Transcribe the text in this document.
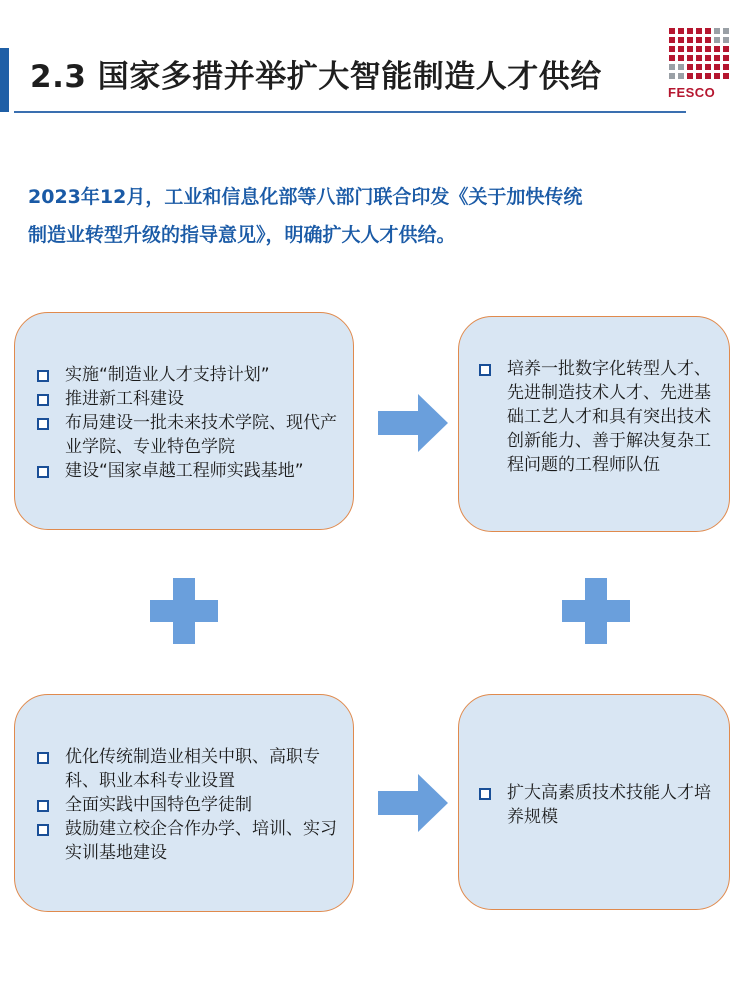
2.3 国家多措并举扩大智能制造人才供给	FESCO
2023年12月，工业和信息化部等八部门联合印发《关于加快传统
制造业转型升级的指导意见》，明确扩大人才供给。
实施“制造业人才支持计划”
推进新工科建设
布局建设一批未来技术学院、现代产业学院、专业特色学院
建设“国家卓越工程师实践基地”
培养一批数字化转型人才、先进制造技术人才、先进基础工艺人才和具有突出技术创新能力、善于解决复杂工程问题的工程师队伍
优化传统制造业相关中职、高职专科、职业本科专业设置
全面实践中国特色学徒制
鼓励建立校企合作办学、培训、实习实训基地建设
扩大高素质技术技能人才培养规模
